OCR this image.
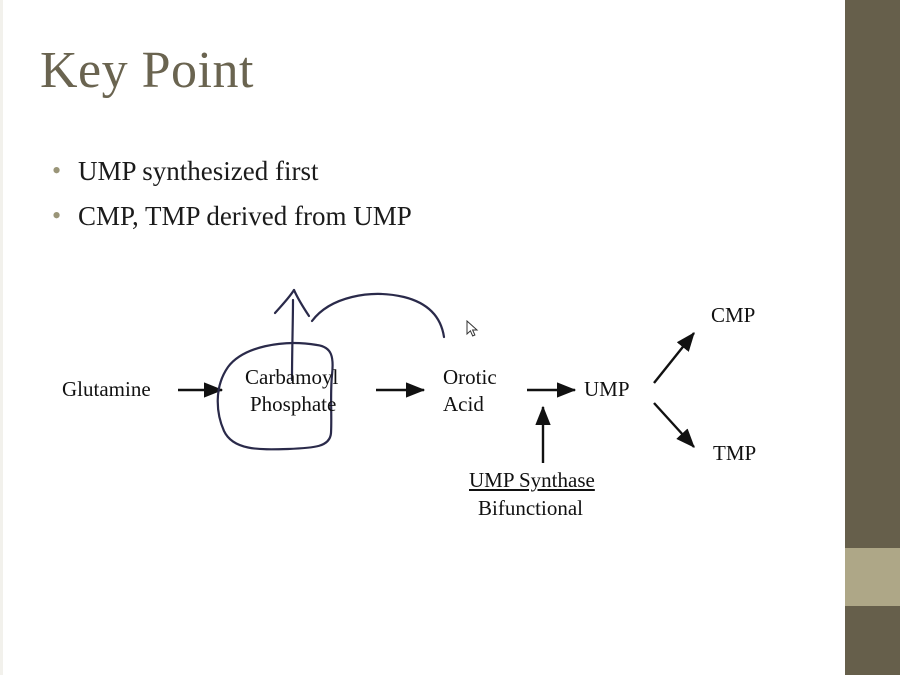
Key Point
• UMP synthesized first
• CMP, TMP derived from UMP
Glutamine	Carbamoyl
Phosphate
Orotic
Acid
UMP
CMP
TMP
UMP Synthase
Bifunctional
